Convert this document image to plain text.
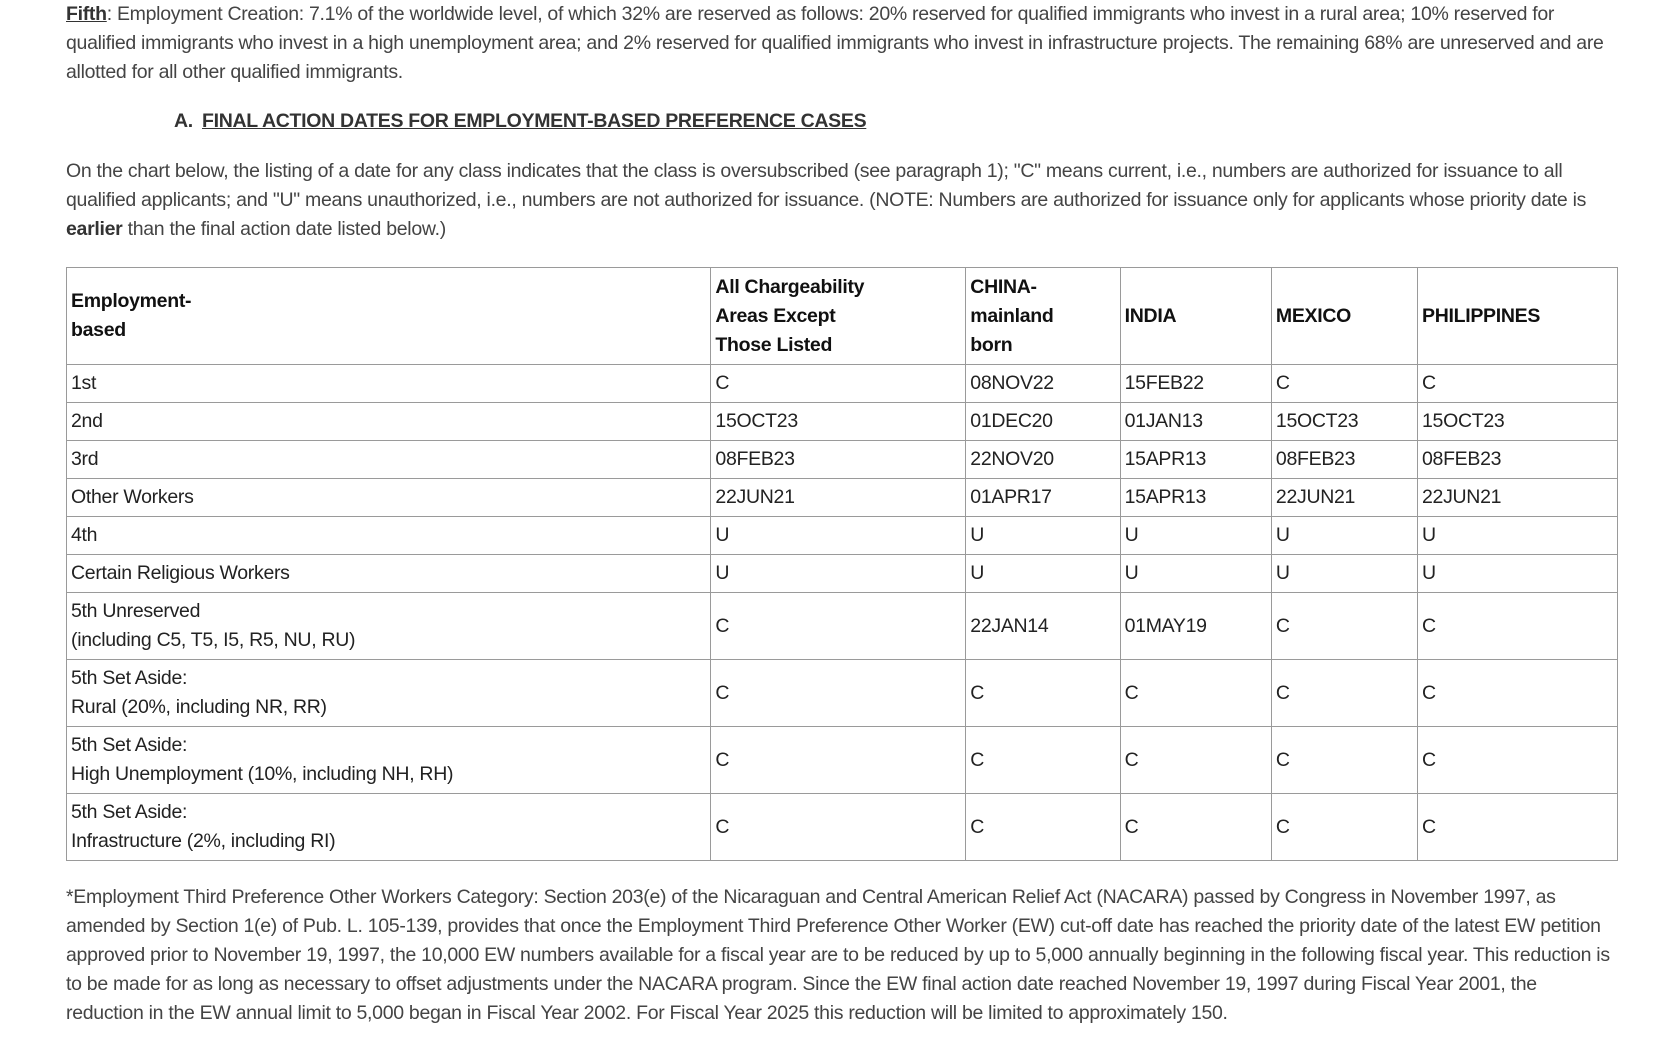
Fifth: Employment Creation: 7.1% of the worldwide level, of which 32% are reserved as follows: 20% reserved for qualified immigrants who invest in a rural area; 10% reserved for qualified immigrants who invest in a high unemployment area; and 2% reserved for qualified immigrants who invest in infrastructure projects. The remaining 68% are unreserved and are allotted for all other qualified immigrants.

A. FINAL ACTION DATES FOR EMPLOYMENT-BASED PREFERENCE CASES

On the chart below, the listing of a date for any class indicates that the class is oversubscribed (see paragraph 1); "C" means current, i.e., numbers are authorized for issuance to all qualified applicants; and "U" means unauthorized, i.e., numbers are not authorized for issuance. (NOTE: Numbers are authorized for issuance only for applicants whose priority date is earlier than the final action date listed below.)

Employment-
based	All Chargeability
Areas Except
Those Listed	CHINA-
mainland
born	INDIA	MEXICO	PHILIPPINES
1st	C	08NOV22	15FEB22	C	C
2nd	15OCT23	01DEC20	01JAN13	15OCT23	15OCT23
3rd	08FEB23	22NOV20	15APR13	08FEB23	08FEB23
Other Workers	22JUN21	01APR17	15APR13	22JUN21	22JUN21
4th	U	U	U	U	U
Certain Religious Workers	U	U	U	U	U
5th Unreserved
(including C5, T5, I5, R5, NU, RU)	C	22JAN14	01MAY19	C	C
5th Set Aside:
Rural (20%, including NR, RR)	C	C	C	C	C
5th Set Aside:
High Unemployment (10%, including NH, RH)	C	C	C	C	C
5th Set Aside:
Infrastructure (2%, including RI)	C	C	C	C	C

*Employment Third Preference Other Workers Category: Section 203(e) of the Nicaraguan and Central American Relief Act (NACARA) passed by Congress in November 1997, as amended by Section 1(e) of Pub. L. 105-139, provides that once the Employment Third Preference Other Worker (EW) cut-off date has reached the priority date of the latest EW petition approved prior to November 19, 1997, the 10,000 EW numbers available for a fiscal year are to be reduced by up to 5,000 annually beginning in the following fiscal year. This reduction is to be made for as long as necessary to offset adjustments under the NACARA program. Since the EW final action date reached November 19, 1997 during Fiscal Year 2001, the reduction in the EW annual limit to 5,000 began in Fiscal Year 2002. For Fiscal Year 2025 this reduction will be limited to approximately 150.
